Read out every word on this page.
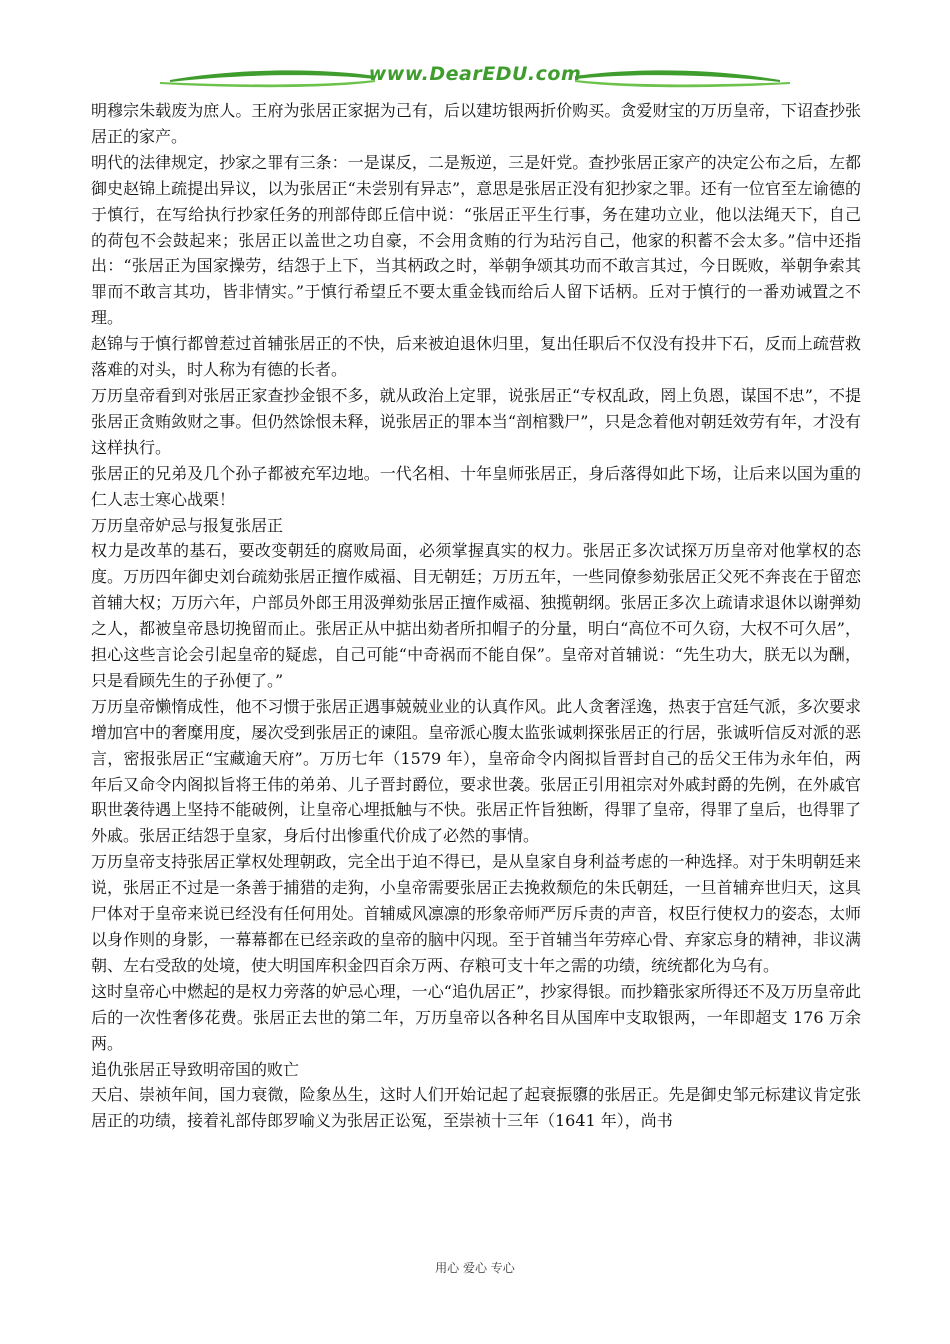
www.DearEDU.com

明穆宗朱载废为庶人。王府为张居正家据为己有，后以建坊银两折价购买。贪爱财宝的万历皇帝，下诏查抄张居正的家产。

明代的法律规定，抄家之罪有三条：一是谋反，二是叛逆，三是奸党。查抄张居正家产的决定公布之后，左都御史赵锦上疏提出异议，以为张居正“未尝别有异志”，意思是张居正没有犯抄家之罪。还有一位官至左谕德的于慎行，在写给执行抄家任务的刑部侍郎丘信中说：“张居正平生行事，务在建功立业，他以法绳天下，自己的荷包不会鼓起来；张居正以盖世之功自豪，不会用贪贿的行为玷污自己，他家的积蓄不会太多。”信中还指出：“张居正为国家操劳，结怨于上下，当其柄政之时，举朝争颂其功而不敢言其过，今日既败，举朝争索其罪而不敢言其功，皆非情实。”于慎行希望丘不要太重金钱而给后人留下话柄。丘对于慎行的一番劝诫置之不理。

赵锦与于慎行都曾惹过首辅张居正的不快，后来被迫退休归里，复出任职后不仅没有投井下石，反而上疏营救落难的对头，时人称为有德的长者。

万历皇帝看到对张居正家查抄金银不多，就从政治上定罪，说张居正“专权乱政，罔上负恩，谋国不忠”，不提张居正贪贿敛财之事。但仍然馀恨未释，说张居正的罪本当“剖棺戮尸”，只是念着他对朝廷效劳有年，才没有这样执行。

张居正的兄弟及几个孙子都被充军边地。一代名相、十年皇师张居正，身后落得如此下场，让后来以国为重的仁人志士寒心战栗！

万历皇帝妒忌与报复张居正

权力是改革的基石，要改变朝廷的腐败局面，必须掌握真实的权力。张居正多次试探万历皇帝对他掌权的态度。万历四年御史刘台疏劾张居正擅作威福、目无朝廷；万历五年，一些同僚参劾张居正父死不奔丧在于留恋首辅大权；万历六年，户部员外郎王用汲弹劾张居正擅作威福、独揽朝纲。张居正多次上疏请求退休以谢弹劾之人，都被皇帝恳切挽留而止。张居正从中掂出劾者所扣帽子的分量，明白“高位不可久窃，大权不可久居”，担心这些言论会引起皇帝的疑虑，自己可能“中奇祸而不能自保”。皇帝对首辅说：“先生功大，朕无以为酬，只是看顾先生的子孙便了。”

万历皇帝懒惰成性，他不习惯于张居正遇事兢兢业业的认真作风。此人贪奢淫逸，热衷于宫廷气派，多次要求增加宫中的奢糜用度，屡次受到张居正的谏阻。皇帝派心腹太监张诚刺探张居正的行居，张诚听信反对派的恶言，密报张居正“宝藏逾天府”。万历七年（1579 年），皇帝命令内阁拟旨晋封自己的岳父王伟为永年伯，两年后又命令内阁拟旨将王伟的弟弟、儿子晋封爵位，要求世袭。张居正引用祖宗对外戚封爵的先例，在外戚官职世袭待遇上坚持不能破例，让皇帝心埋抵触与不快。张居正忤旨独断，得罪了皇帝，得罪了皇后，也得罪了外戚。张居正结怨于皇家，身后付出惨重代价成了必然的事情。

万历皇帝支持张居正掌权处理朝政，完全出于迫不得已，是从皇家自身利益考虑的一种选择。对于朱明朝廷来说，张居正不过是一条善于捕猎的走狗，小皇帝需要张居正去挽救颓危的朱氏朝廷，一旦首辅弃世归天，这具尸体对于皇帝来说已经没有任何用处。首辅威风凛凛的形象帝师严厉斥责的声音，权臣行使权力的姿态，太师以身作则的身影，一幕幕都在已经亲政的皇帝的脑中闪现。至于首辅当年劳瘁心骨、弃家忘身的精神，非议满朝、左右受敌的处境，使大明国库积金四百余万两、存粮可支十年之需的功绩，统统都化为乌有。

这时皇帝心中燃起的是权力旁落的妒忌心理，一心“追仇居正”，抄家得银。而抄籍张家所得还不及万历皇帝此后的一次性奢侈花费。张居正去世的第二年，万历皇帝以各种名目从国库中支取银两，一年即超支 176 万余两。

追仇张居正导致明帝国的败亡

天启、崇祯年间，国力衰微，险象丛生，这时人们开始记起了起衰振隳的张居正。先是御史邹元标建议肯定张居正的功绩，接着礼部侍郎罗喻义为张居正讼冤，至崇祯十三年（1641 年），尚书

用心 爱心 专心
